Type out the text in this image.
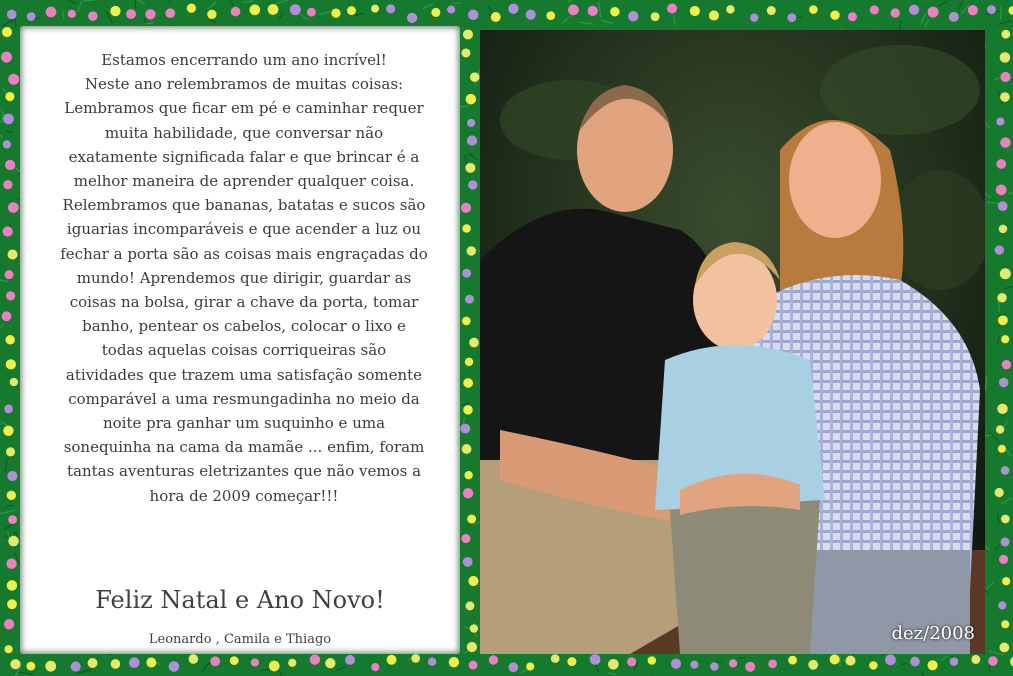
Estamos encerrando um ano incrível!
Neste ano relembramos de muitas coisas:
Lembramos que ficar em pé e caminhar requer
muita habilidade, que conversar não
exatamente significada falar e que brincar é a
melhor maneira de aprender qualquer coisa.
Relembramos que bananas, batatas e sucos são
iguarias incomparáveis e que acender a luz ou
fechar a porta são as coisas mais engraçadas do
mundo! Aprendemos que dirigir, guardar as
coisas na bolsa, girar a chave da porta, tomar
banho, pentear os cabelos, colocar o lixo e
todas aquelas coisas corriqueiras são
atividades que trazem uma satisfação somente
comparável a uma resmungadinha no meio da
noite pra ganhar um suquinho e uma
sonequinha na cama da mamãe ... enfim, foram
tantas aventuras eletrizantes que não vemos a
hora de 2009 começar!!!
Feliz Natal e Ano Novo!
Leonardo , Camila e Thiago	dez/2008
